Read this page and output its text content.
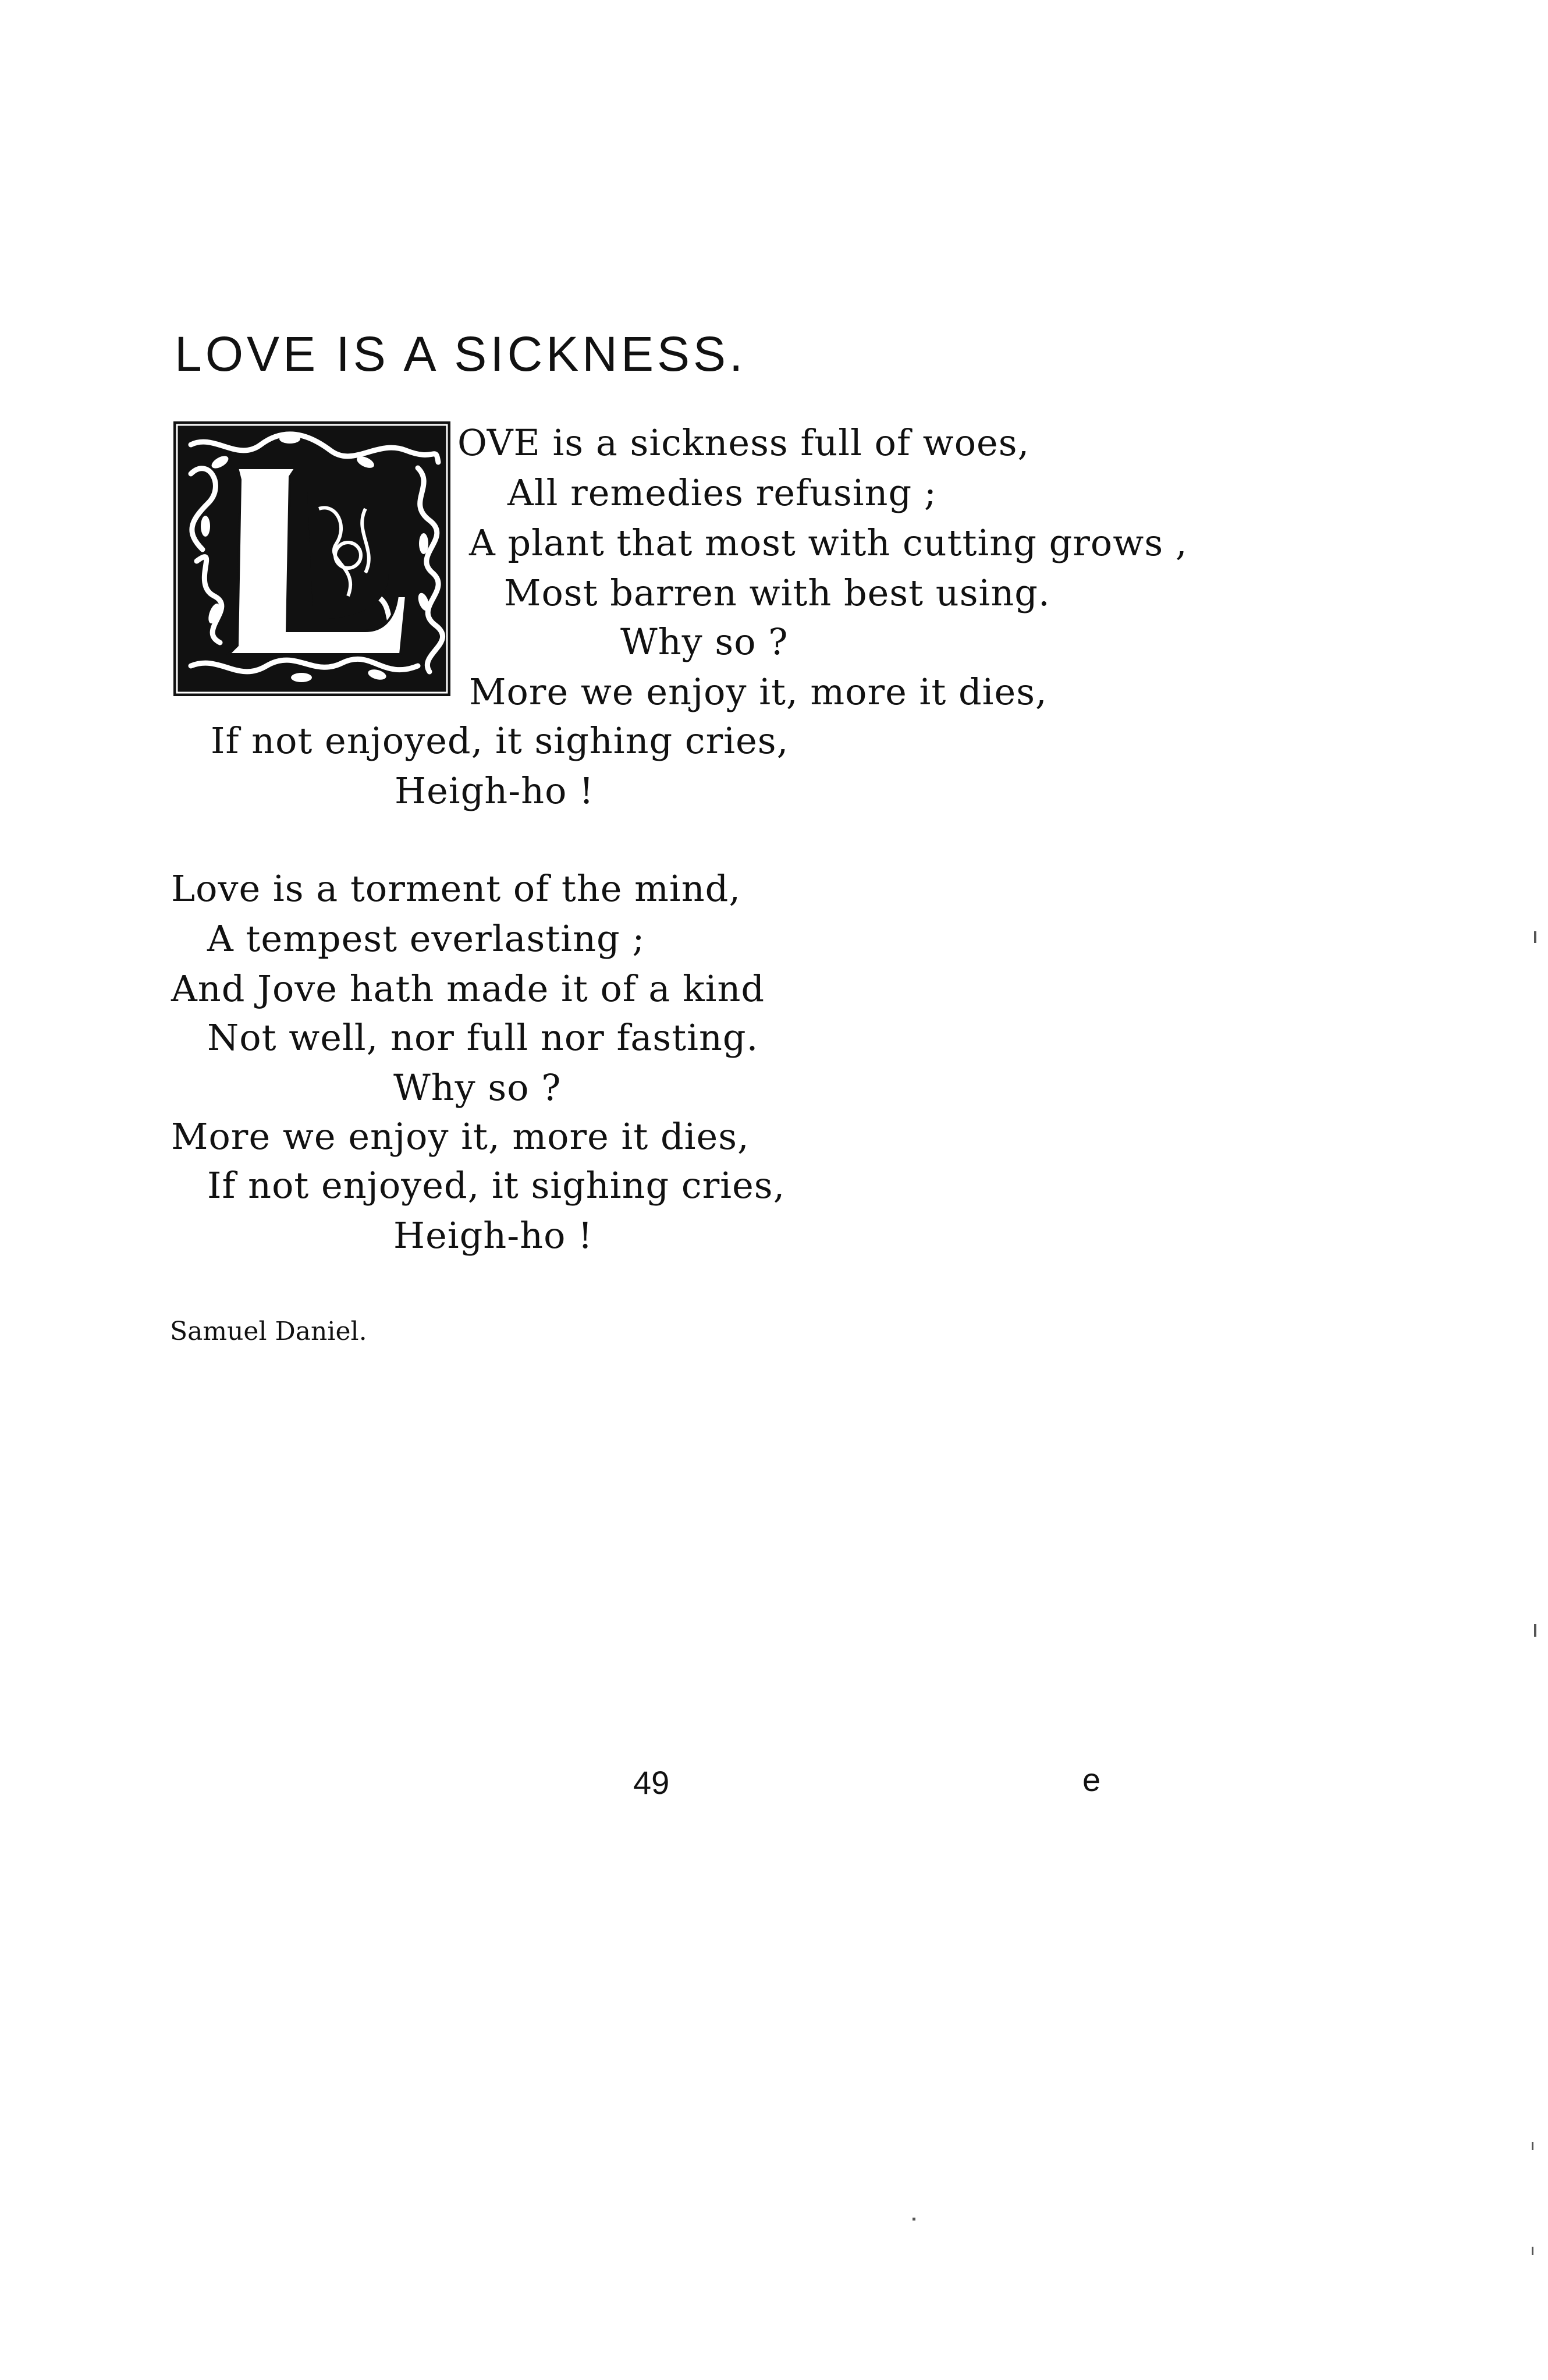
LOVE IS A SICKNESS.
OVE is a sickness full of woes,
All remedies refusing ;
A plant that most with cutting grows ,
Most barren with best using.
Why so ?
More we enjoy it, more it dies,
If not enjoyed, it sighing cries,
Heigh-ho !
Love is a torment of the mind,
A tempest everlasting ;
And Jove hath made it of a kind
Not well, nor full nor fasting.
Why so ?
More we enjoy it, more it dies,
If not enjoyed, it sighing cries,
Heigh-ho !
Samuel Daniel.
49	e
